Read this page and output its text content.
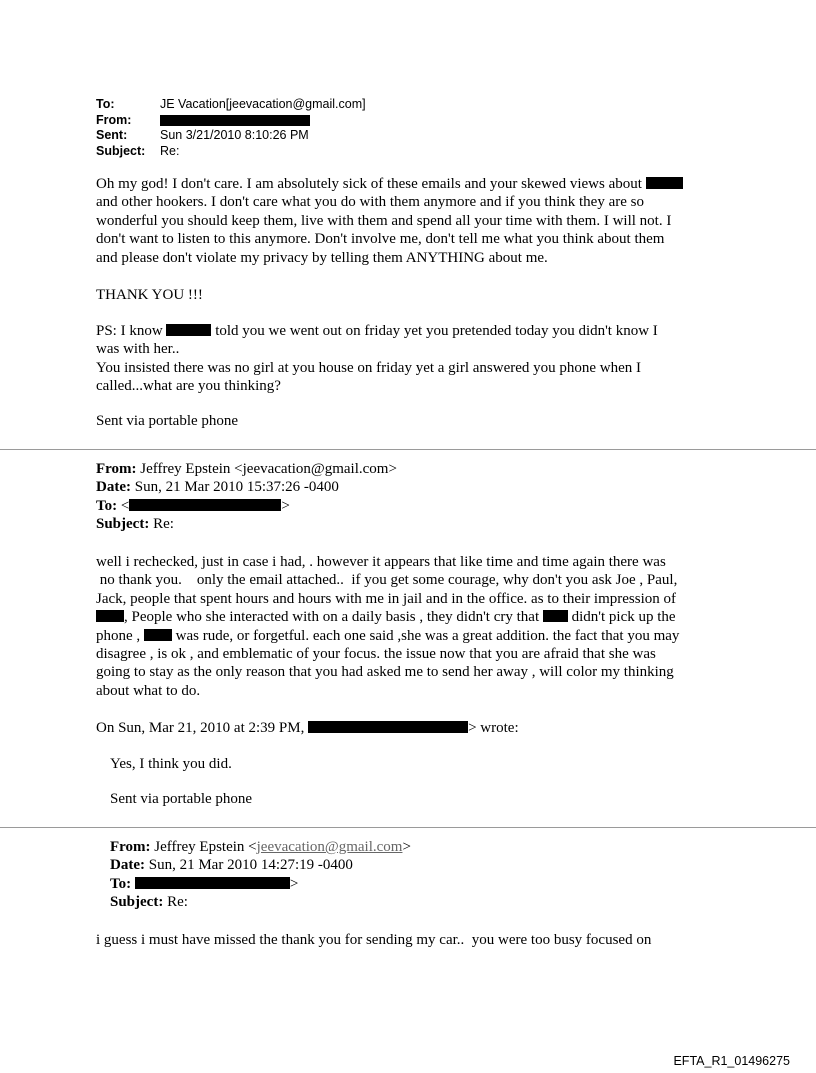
To:	JE Vacation[jeevacation@gmail.com]
From:
Sent:	Sun 3/21/2010 8:10:26 PM
Subject:	Re:

Oh my god! I don't care. I am absolutely sick of these emails and your skewed views about

and other hookers. I don't care what you do with them anymore and if you think they are so

wonderful you should keep them, live with them and spend all your time with them. I will not. I

don't want to listen to this anymore. Don't involve me, don't tell me what you think about them

and please don't violate my privacy by telling them ANYTHING about me.

THANK YOU !!!

PS: I know	told you we went out on friday yet you pretended today you didn't know I

was with her..

You insisted there was no girl at you house on friday yet a girl answered you phone when I

called...what are you thinking?

Sent via portable phone

From: Jeffrey Epstein <jeevacation@gmail.com>

Date: Sun, 21 Mar 2010 15:37:26 -0400

To: <	>

Subject: Re:

well i rechecked, just in case i had, . however it appears that like time and time again there was

no thank you.    only the email attached..  if you get some courage, why don't you ask Joe , Paul,

Jack, people that spent hours and hours with me in jail and in the office. as to their impression of

, People who she interacted with on a daily basis , they didn't cry that didn't pick up the

phone , was rude, or forgetful. each one said ,she was a great addition. the fact that you may

disagree , is ok , and emblematic of your focus. the issue now that you are afraid that she was

going to stay as the only reason that you had asked me to send her away , will color my thinking

about what to do.

On Sun, Mar 21, 2010 at 2:39 PM,	> wrote:

Yes, I think you did.

Sent via portable phone

From: Jeffrey Epstein <jeevacation@gmail.com>

Date: Sun, 21 Mar 2010 14:27:19 -0400

To:	>

Subject: Re:

i guess i must have missed the thank you for sending my car..  you were too busy focused on

EFTA_R1_01496275
